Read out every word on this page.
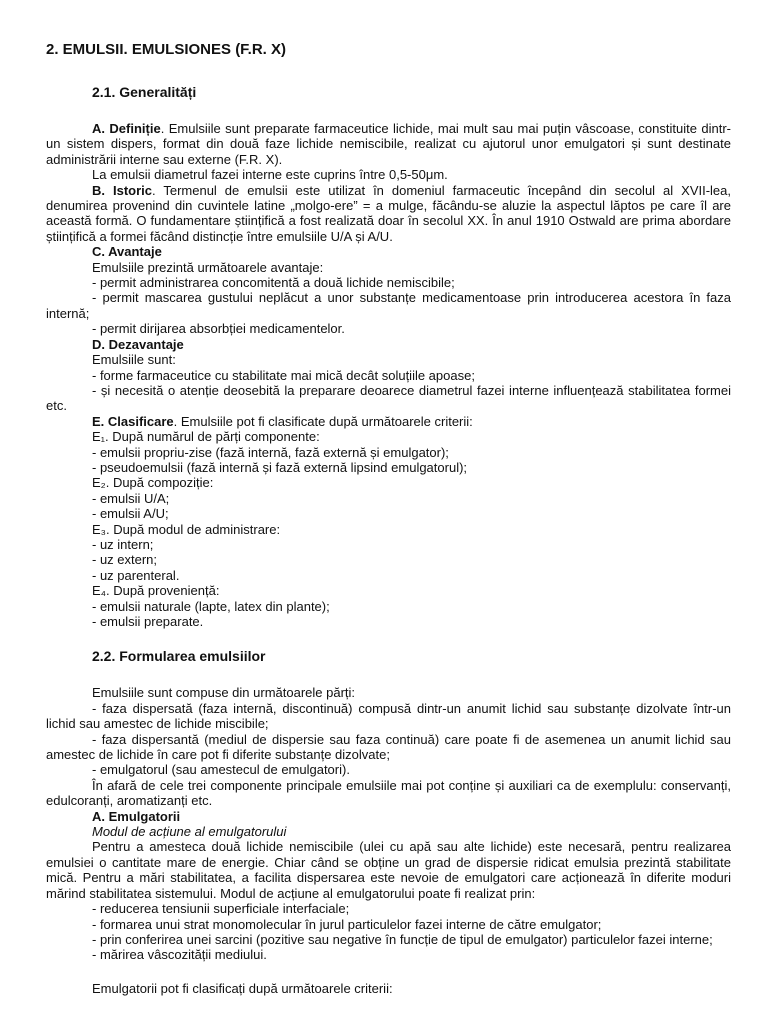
2. EMULSII. EMULSIONES (F.R. X)
2.1. Generalități

A. Definiție. Emulsiile sunt preparate farmaceutice lichide, mai mult sau mai puțin vâscoase, constituite dintr-un sistem dispers, format din două faze lichide nemiscibile, realizat cu ajutorul unor emulgatori și sunt destinate administrării interne sau externe (F.R. X).

La emulsii diametrul fazei interne este cuprins între 0,5-50μm.

B. Istoric. Termenul de emulsii este utilizat în domeniul farmaceutic începând din secolul al XVII-lea, denumirea provenind din cuvintele latine „molgo-ere” = a mulge, făcându-se aluzie la aspectul lăptos pe care îl are această formă. O fundamentare științifică a fost realizată doar în secolul XX. În anul 1910 Ostwald are prima abordare științifică a formei făcând distincție între emulsiile U/A și A/U.

C. Avantaje

Emulsiile prezintă următoarele avantaje:

- permit administrarea concomitentă a două lichide nemiscibile;

- permit mascarea gustului neplăcut a unor substanțe medicamentoase prin introducerea acestora în faza internă;

- permit dirijarea absorbției medicamentelor.

D. Dezavantaje

Emulsiile sunt:

- forme farmaceutice cu stabilitate mai mică decât soluțiile apoase;

- și necesită o atenție deosebită la preparare deoarece diametrul fazei interne influențează stabilitatea formei etc.

E. Clasificare. Emulsiile pot fi clasificate după următoarele criterii:

E₁. După numărul de părți componente:

- emulsii propriu-zise (fază internă, fază externă și emulgator);

- pseudoemulsii (fază internă și fază externă lipsind emulgatorul);

E₂. După compoziție:

- emulsii U/A;

- emulsii A/U;

E₃. După modul de administrare:

- uz intern;

- uz extern;

- uz parenteral.

E₄. După proveniență:

- emulsii naturale (lapte, latex din plante);

- emulsii preparate.

2.2. Formularea emulsiilor

Emulsiile sunt compuse din următoarele părți:

- faza dispersată (faza internă, discontinuă) compusă dintr-un anumit lichid sau substanțe dizolvate într-un lichid sau amestec de lichide miscibile;

- faza dispersantă (mediul de dispersie sau faza continuă) care poate fi de asemenea un anumit lichid sau amestec de lichide în care pot fi diferite substanțe dizolvate;

- emulgatorul (sau amestecul de emulgatori).

În afară de cele trei componente principale emulsiile mai pot conține și auxiliari ca de exemplulu: conservanți, edulcoranți, aromatizanți etc.

A. Emulgatorii

Modul de acțiune al emulgatorului

Pentru a amesteca două lichide nemiscibile (ulei cu apă sau alte lichide) este necesară, pentru realizarea emulsiei o cantitate mare de energie. Chiar când se obține un grad de dispersie ridicat emulsia prezintă stabilitate mică. Pentru a mări stabilitatea, a facilita dispersarea este nevoie de emulgatori care acționează în diferite moduri mărind stabilitatea sistemului. Modul de acțiune al emulgatorului poate fi realizat prin:

- reducerea tensiunii superficiale interfaciale;

- formarea unui strat monomolecular în jurul particulelor fazei interne de către emulgator;

- prin conferirea unei sarcini (pozitive sau negative în funcție de tipul de emulgator) particulelor fazei interne;

- mărirea vâscozității mediului.

Emulgatorii pot fi clasificați după următoarele criterii:
